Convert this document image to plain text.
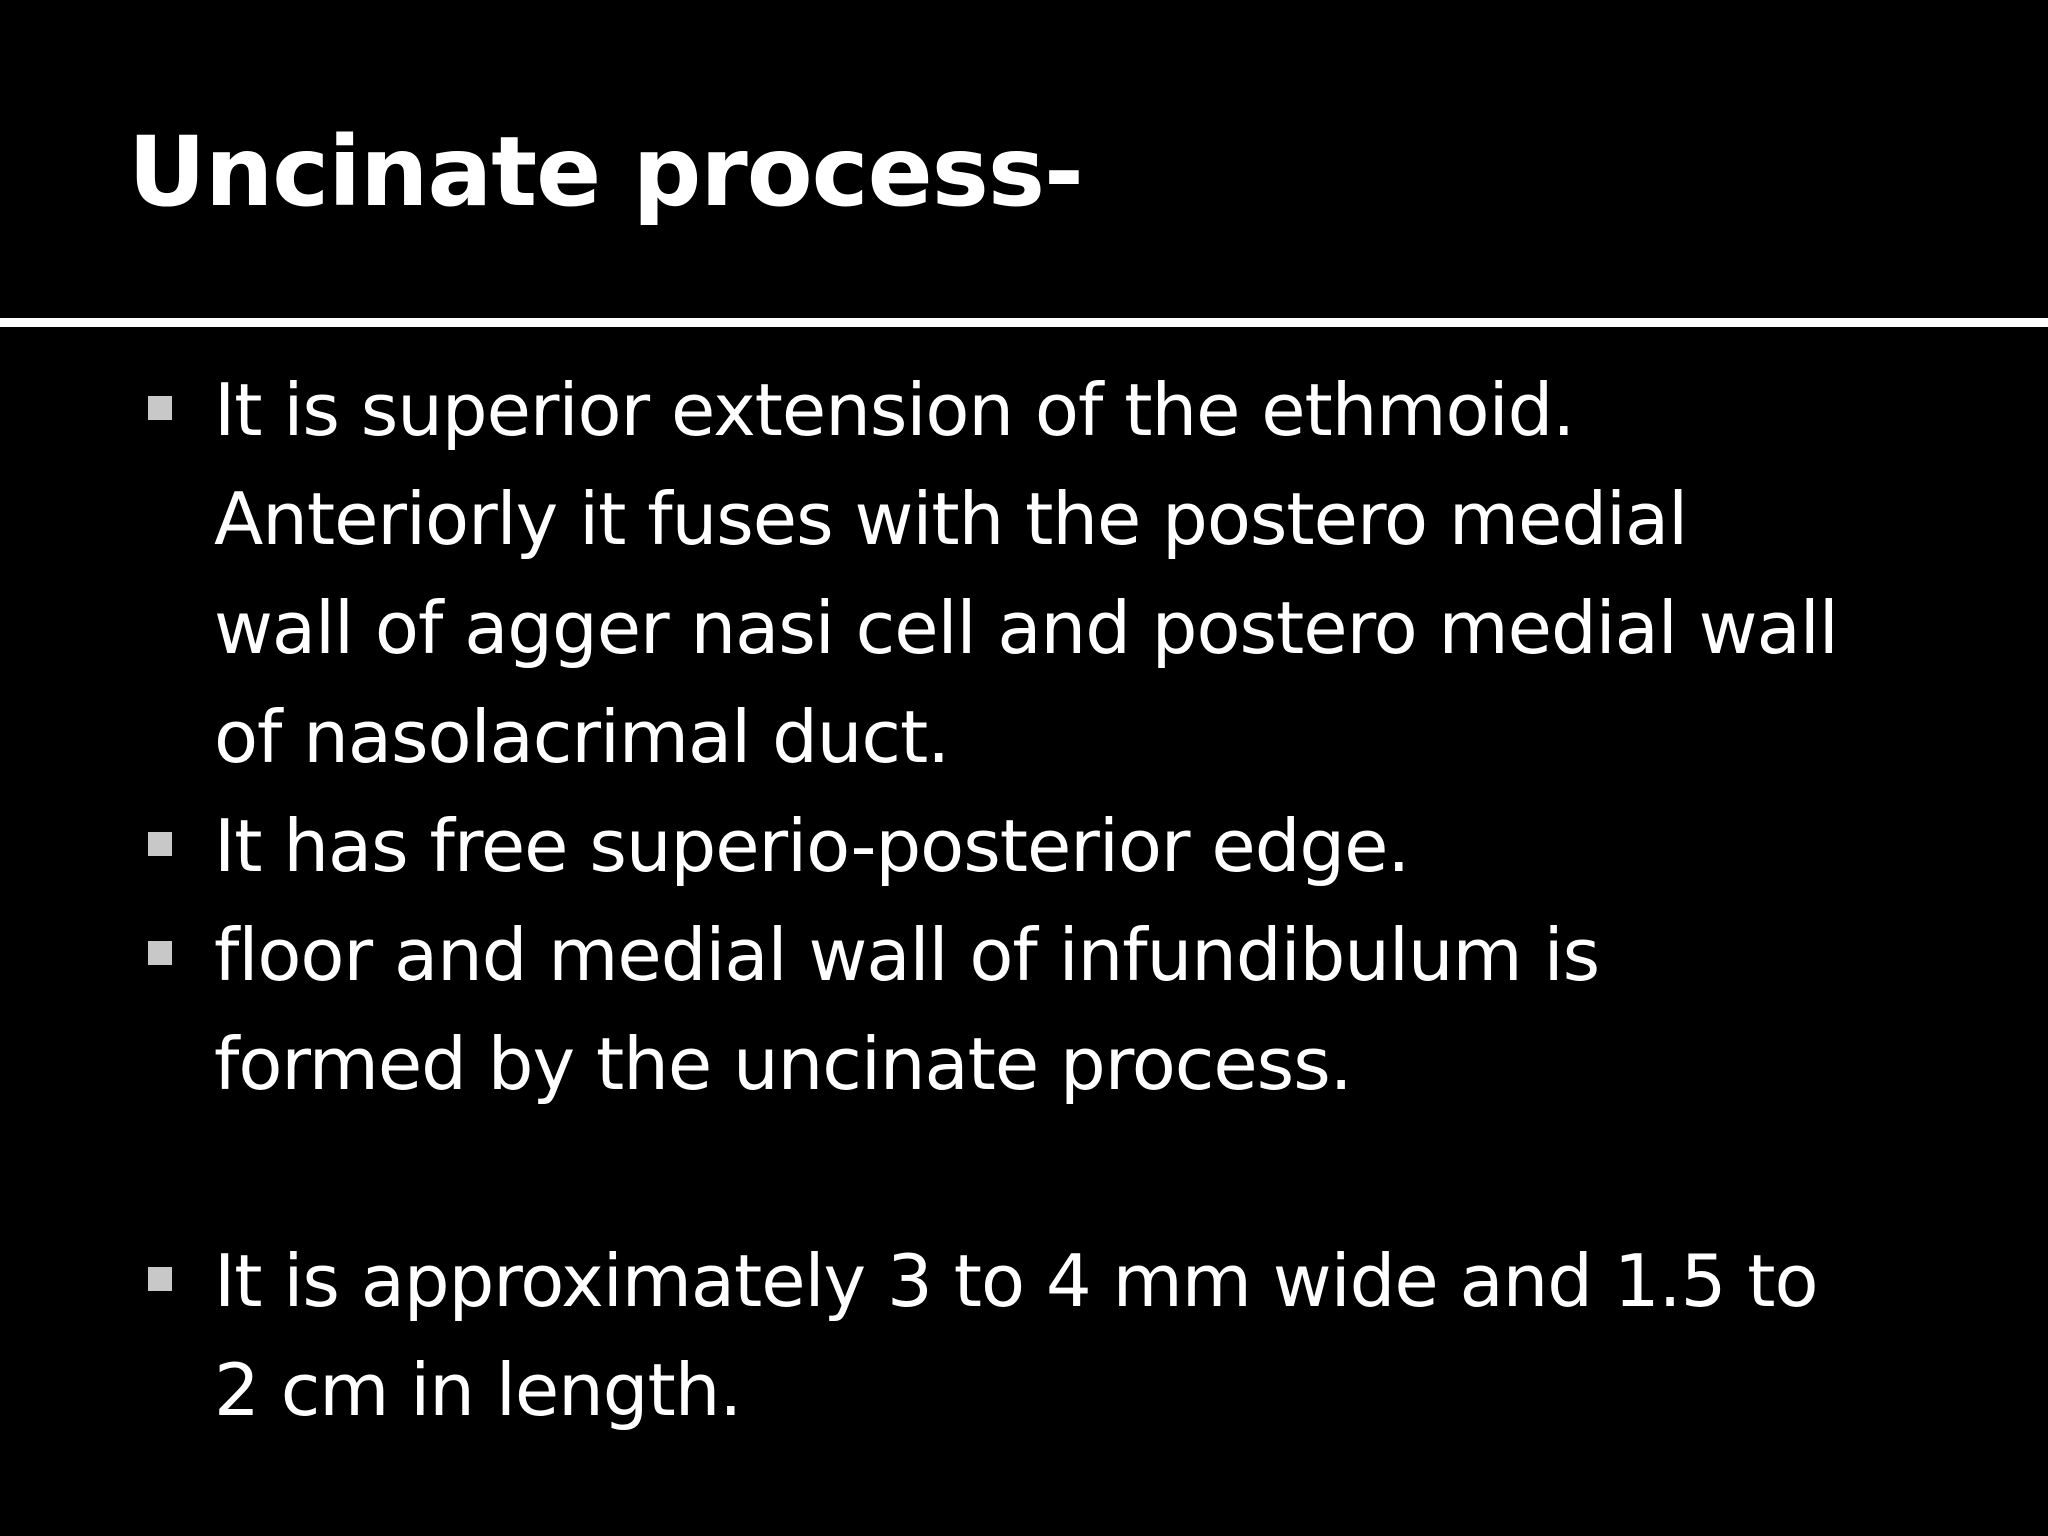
Uncinate process-
It is superior extension of the ethmoid.
Anteriorly it fuses with the postero medial
wall of agger nasi cell and postero medial wall
of nasolacrimal duct.
It has free superio-posterior edge.
floor and medial wall of infundibulum is
formed by the uncinate process.
It is approximately 3 to 4 mm wide and 1.5 to
2 cm in length.
